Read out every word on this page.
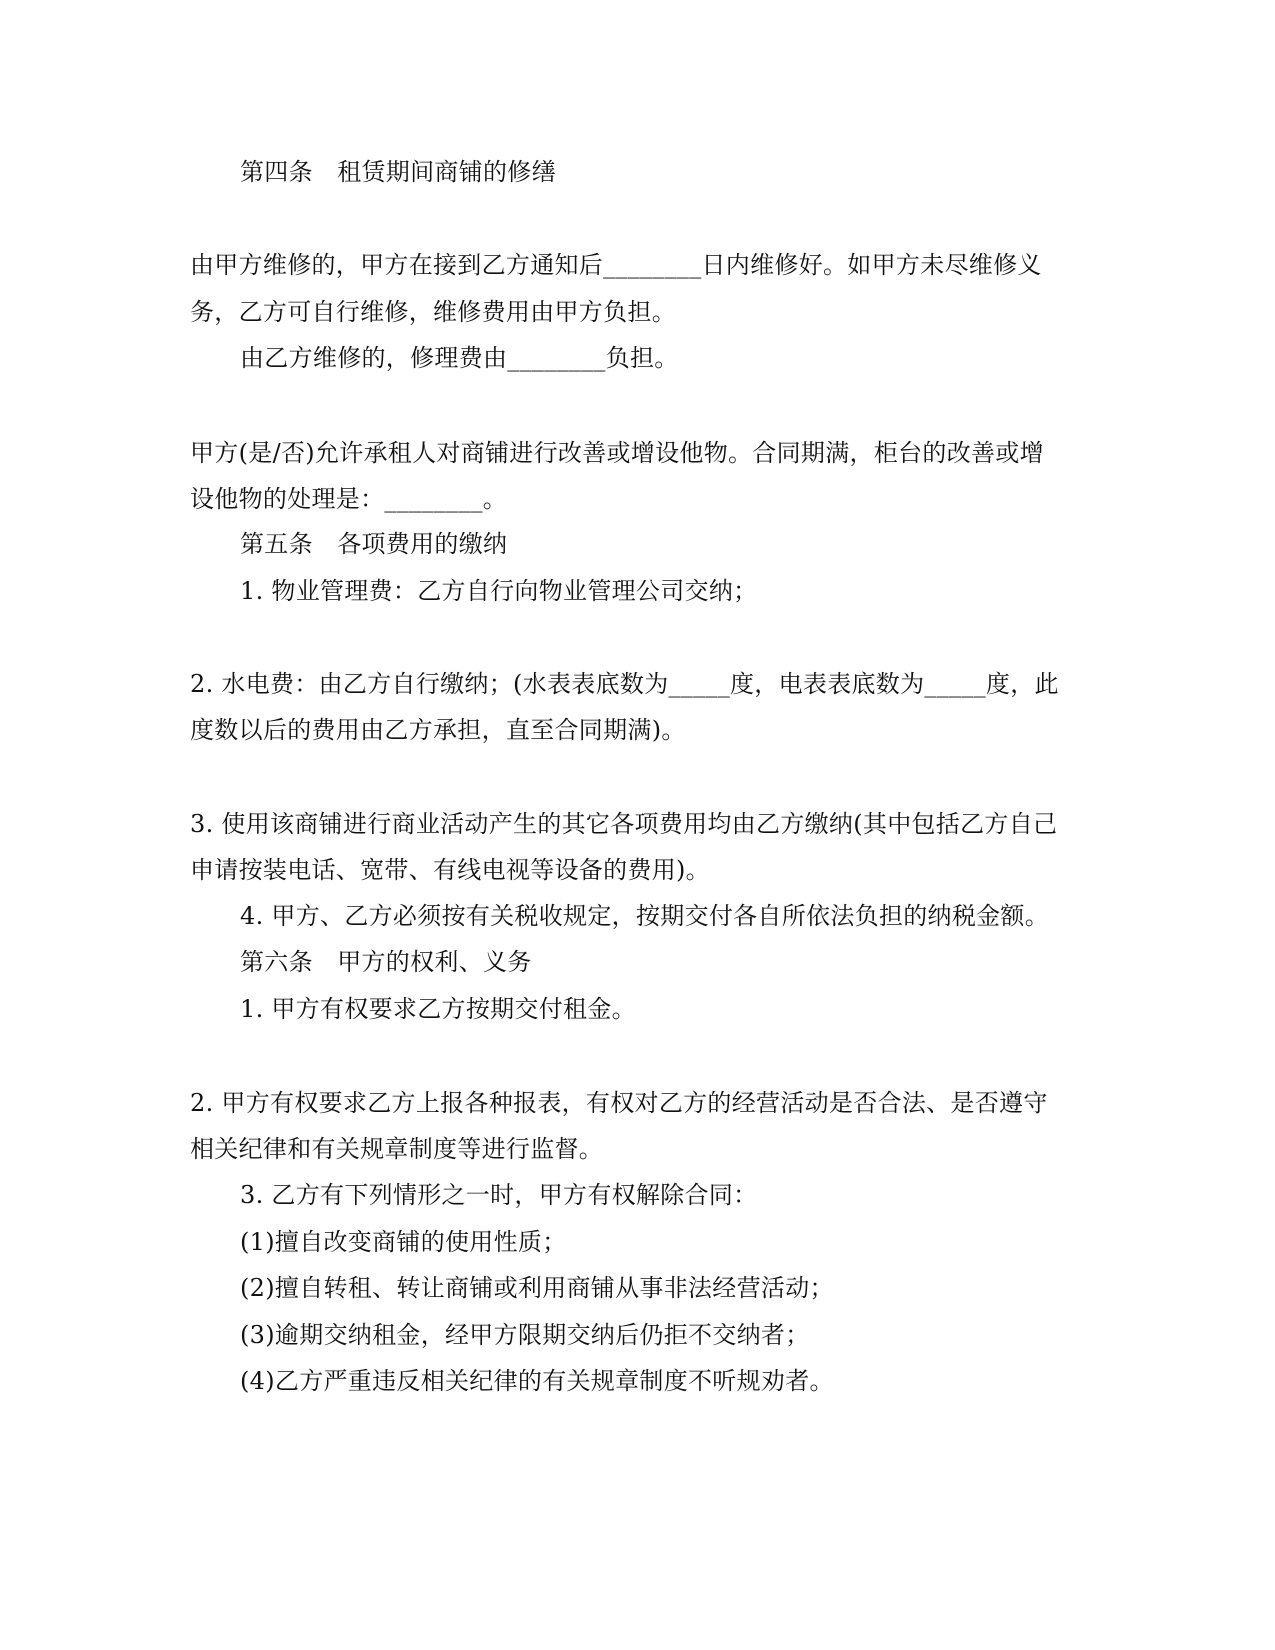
第四条　租赁期间商铺的修缮
由甲方维修的，甲方在接到乙方通知后________日内维修好。如甲方未尽维修义
务，乙方可自行维修，维修费用由甲方负担。
由乙方维修的，修理费由________负担。
甲方(是/否)允许承租人对商铺进行改善或增设他物。合同期满，柜台的改善或增
设他物的处理是：________。
第五条　各项费用的缴纳
1. 物业管理费：乙方自行向物业管理公司交纳；
2. 水电费：由乙方自行缴纳；(水表表底数为_____度，电表表底数为_____度，此
度数以后的费用由乙方承担，直至合同期满)。
3. 使用该商铺进行商业活动产生的其它各项费用均由乙方缴纳(其中包括乙方自己
申请按装电话、宽带、有线电视等设备的费用)。
4. 甲方、乙方必须按有关税收规定，按期交付各自所依法负担的纳税金额。
第六条　甲方的权利、义务
1. 甲方有权要求乙方按期交付租金。
2. 甲方有权要求乙方上报各种报表，有权对乙方的经营活动是否合法、是否遵守
相关纪律和有关规章制度等进行监督。
3. 乙方有下列情形之一时，甲方有权解除合同：
(1)擅自改变商铺的使用性质；
(2)擅自转租、转让商铺或利用商铺从事非法经营活动；
(3)逾期交纳租金，经甲方限期交纳后仍拒不交纳者；
(4)乙方严重违反相关纪律的有关规章制度不听规劝者。
